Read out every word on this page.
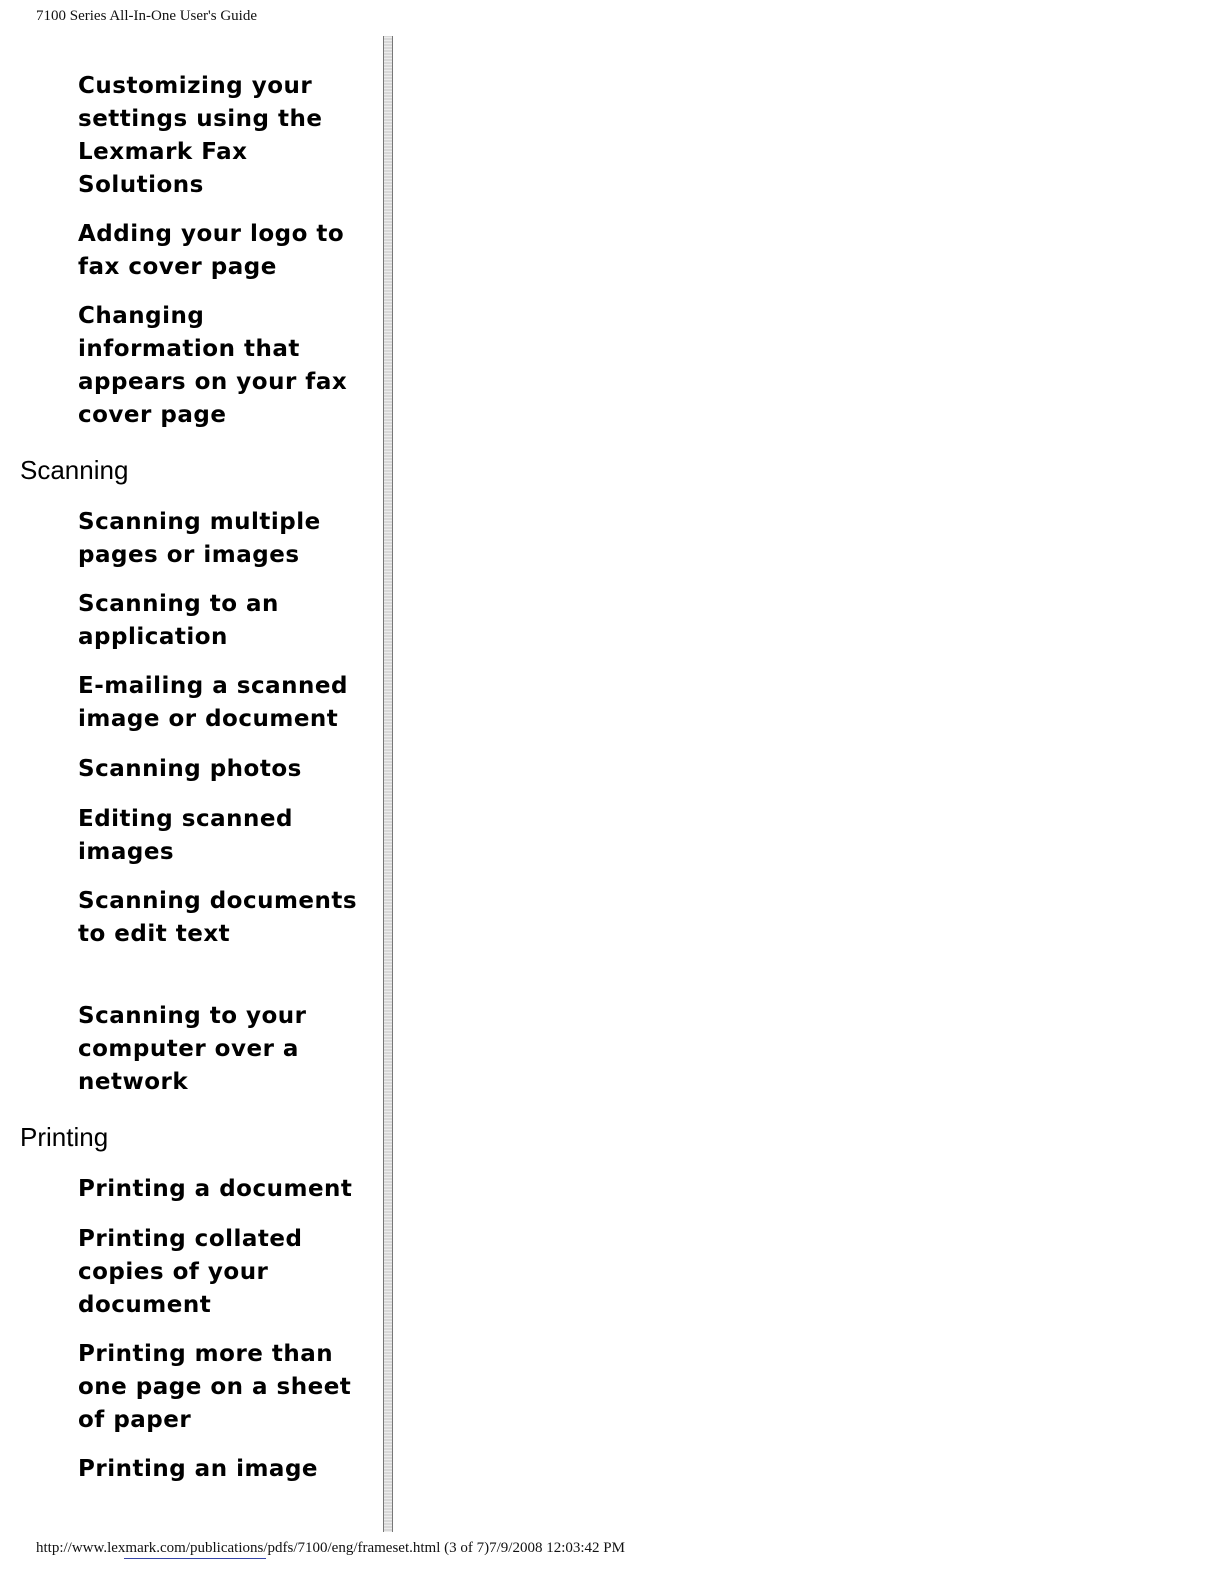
7100 Series All-In-One User's Guide
Customizing your settings using the Lexmark Fax Solutions
Adding your logo to fax cover page
Changing information that appears on your fax cover page
Scanning
Scanning multiple pages or images
Scanning to an application
E-mailing a scanned image or document
Scanning photos
Editing scanned images
Scanning documents to edit text
Scanning to your computer over a network
Printing
Printing a document
Printing collated copies of your document
Printing more than one page on a sheet of paper
Printing an image
http://www.lexmark.com/publications/pdfs/7100/eng/frameset.html (3 of 7)7/9/2008 12:03:42 PM
